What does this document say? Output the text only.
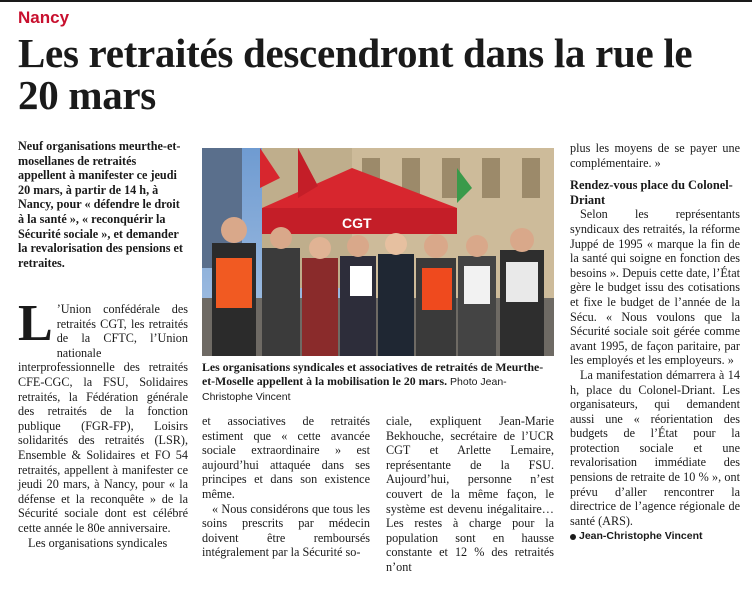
Nancy
Les retraités descendront dans la rue le 20 mars

Neuf organisations meurthe-et-mosellanes de retraités appellent à manifester ce jeudi 20 mars, à partir de 14 h, à Nancy, pour « défendre le droit à la santé », « reconquérir la Sécurité sociale », et demander la revalorisation des pensions et retraites.

L ’Union confédérale des retraités CGT, les retraités de la CFTC, l’Union nationale interprofessionnelle des retraités CFE-CGC, la FSU, Solidaires retraités, la Fédération générale des retraités de la fonction publique (FGR-FP), Loisirs solidarités des retraités (LSR), Ensemble & Solidaires et FO 54 retraités, appellent à manifester ce jeudi 20 mars, à Nancy, pour « la défense et la reconquête » de la Sécurité sociale dont est célébré cette année le 80e anniversaire.

Les organisations syndicales

CGT
Les organisations syndicales et associatives de retraités de Meurthe-et-Moselle appellent à la mobilisation le 20 mars. Photo Jean-Christophe Vincent

et associatives de retraités estiment que « cette avancée sociale extraordinaire » est aujourd’hui attaquée dans ses principes et dans son existence même.

« Nous considérons que tous les soins prescrits par médecin doivent être remboursés intégralement par la Sécurité so-

ciale, expliquent Jean-Marie Bekhouche, secrétaire de l’UCR CGT et Arlette Lemaire, représentante de la FSU. Aujourd’hui, personne n’est couvert de la même façon, le système est devenu inégalitaire… Les restes à charge pour la population sont en hausse constante et 12 % des retraités n’ont

plus les moyens de se payer une complémentaire. »

Rendez-vous place du Colonel-Driant

Selon les représentants syndicaux des retraités, la réforme Juppé de 1995 « marque la fin de la santé qui soigne en fonction des besoins ». Depuis cette date, l’État gère le budget issu des cotisations et fixe le budget de l’année de la Sécu. « Nous voulons que la Sécurité sociale soit gérée comme avant 1995, de façon paritaire, par les employés et les employeurs. »

La manifestation démarrera à 14 h, place du Colonel-Driant. Les organisateurs, qui demandent aussi une « réorientation des budgets de l’État pour la protection sociale et une revalorisation immédiate des pensions de retraite de 10 % », ont prévu d’aller rencontrer la directrice de l’agence régionale de santé (ARS).

Jean-Christophe Vincent
